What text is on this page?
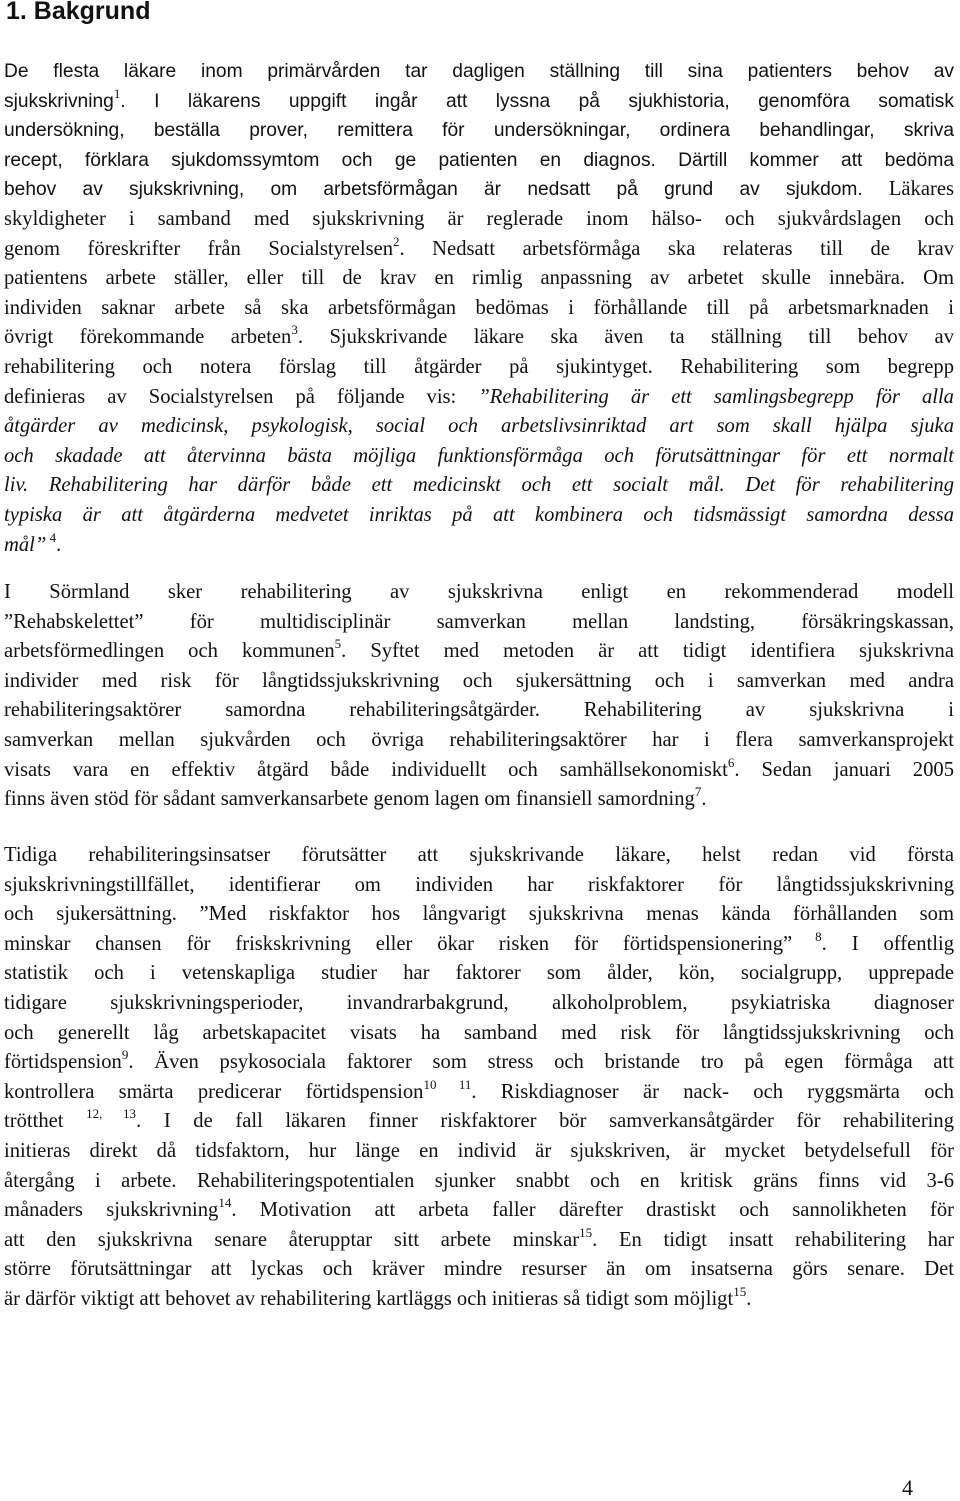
1. Bakgrund
De flesta läkare inom primärvården tar dagligen ställning till sina patienters behov av
sjukskrivning$^1$. I läkarens uppgift ingår att lyssna på sjukhistoria, genomföra somatisk
undersökning, beställa prover, remittera för undersökningar, ordinera behandlingar, skriva
recept, förklara sjukdomssymtom och ge patienten en diagnos. Därtill kommer att bedöma
behov av sjukskrivning, om arbetsförmågan är nedsatt på grund av sjukdom. Läkares
skyldigheter i samband med sjukskrivning är reglerade inom hälso- och sjukvårdslagen och
genom föreskrifter från Socialstyrelsen$^2$. Nedsatt arbetsförmåga ska relateras till de krav
patientens arbete ställer, eller till de krav en rimlig anpassning av arbetet skulle innebära. Om
individen saknar arbete så ska arbetsförmågan bedömas i förhållande till på arbetsmarknaden i
övrigt förekommande arbeten$^3$. Sjukskrivande läkare ska även ta ställning till behov av
rehabilitering och notera förslag till åtgärder på sjukintyget. Rehabilitering som begrepp
definieras av Socialstyrelsen på följande vis: ”Rehabilitering är ett samlingsbegrepp för alla
åtgärder av medicinsk, psykologisk, social och arbetslivsinriktad art som skall hjälpa sjuka
och skadade att återvinna bästa möjliga funktionsförmåga och förutsättningar för ett normalt
liv. Rehabilitering har därför både ett medicinskt och ett socialt mål. Det för rehabilitering
typiska är att åtgärderna medvetet inriktas på att kombinera och tidsmässigt samordna dessa
mål” $^4$.
I Sörmland sker rehabilitering av sjukskrivna enligt en rekommenderad modell
”Rehabskelettet” för multidisciplinär samverkan mellan landsting, försäkringskassan,
arbetsförmedlingen och kommunen$^5$. Syftet med metoden är att tidigt identifiera sjukskrivna
individer med risk för långtidssjukskrivning och sjukersättning och i samverkan med andra
rehabiliteringsaktörer samordna rehabiliteringsåtgärder. Rehabilitering av sjukskrivna i
samverkan mellan sjukvården och övriga rehabiliteringsaktörer har i flera samverkansprojekt
visats vara en effektiv åtgärd både individuellt och samhällsekonomiskt$^6$. Sedan januari 2005
finns även stöd för sådant samverkansarbete genom lagen om finansiell samordning$^7$.
Tidiga rehabiliteringsinsatser förutsätter att sjukskrivande läkare, helst redan vid första
sjukskrivningstillfället, identifierar om individen har riskfaktorer för långtidssjukskrivning
och sjukersättning. ”Med riskfaktor hos långvarigt sjukskrivna menas kända förhållanden som
minskar chansen för friskskrivning eller ökar risken för förtidspensionering” $^8$. I offentlig
statistik och i vetenskapliga studier har faktorer som ålder, kön, socialgrupp, upprepade
tidigare sjukskrivningsperioder, invandrarbakgrund, alkoholproblem, psykiatriska diagnoser
och generellt låg arbetskapacitet visats ha samband med risk för långtidssjukskrivning och
förtidspension$^9$. Även psykosociala faktorer som stress och bristande tro på egen förmåga att
kontrollera smärta predicerar förtidspension$^{10 11}$. Riskdiagnoser är nack- och ryggsmärta och
trötthet $^{12, 13}$. I de fall läkaren finner riskfaktorer bör samverkansåtgärder för rehabilitering
initieras direkt då tidsfaktorn, hur länge en individ är sjukskriven, är mycket betydelsefull för
återgång i arbete. Rehabiliteringspotentialen sjunker snabbt och en kritisk gräns finns vid 3-6
månaders sjukskrivning$^{14}$. Motivation att arbeta faller därefter drastiskt och sannolikheten för
att den sjukskrivna senare återupptar sitt arbete minskar$^{15}$. En tidigt insatt rehabilitering har
större förutsättningar att lyckas och kräver mindre resurser än om insatserna görs senare. Det
är därför viktigt att behovet av rehabilitering kartläggs och initieras så tidigt som möjligt$^{15}$.
4
